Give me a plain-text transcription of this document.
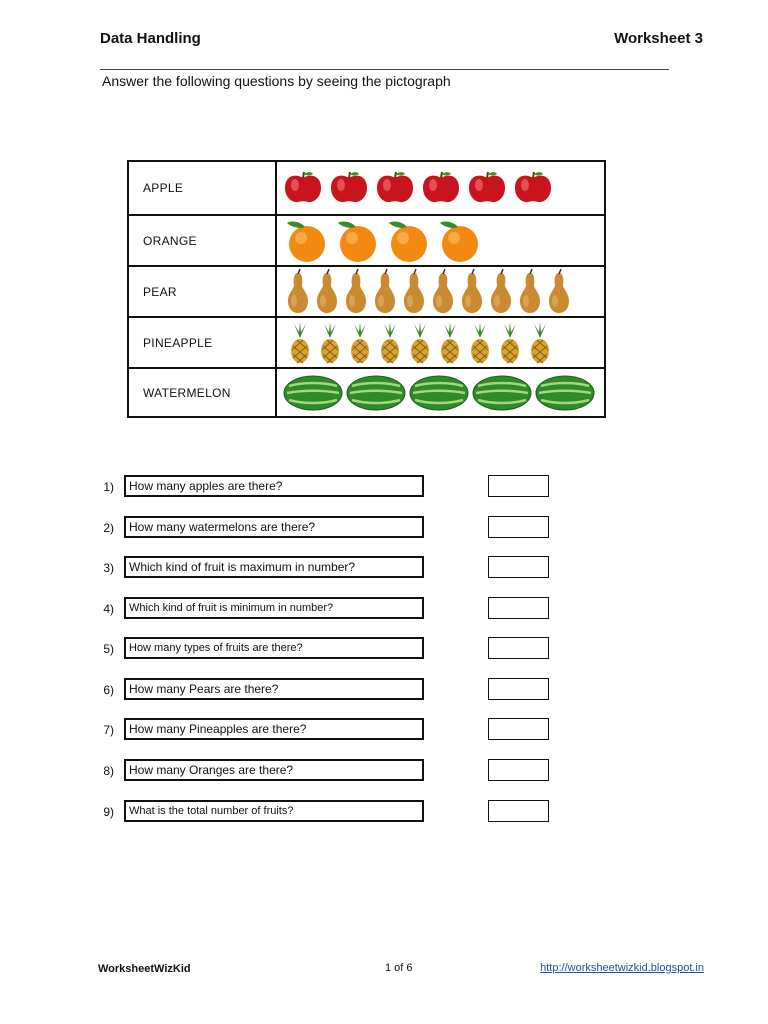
Data Handling	Worksheet 3
Answer the following questions by seeing the pictograph
APPLE
ORANGE
PEAR
PINEAPPLE
WATERMELON
1)	How many apples are there?
2)	How many watermelons are there?
3)	Which kind of fruit is maximum in number?
4)	Which kind of fruit is minimum in number?
5)	How many types of fruits are there?
6)	How many Pears are there?
7)	How many Pineapples are there?
8)	How many Oranges are there?
9)	What is the total number of fruits?
WorksheetWizKid	1 of 6	http://worksheetwizkid.blogspot.in
